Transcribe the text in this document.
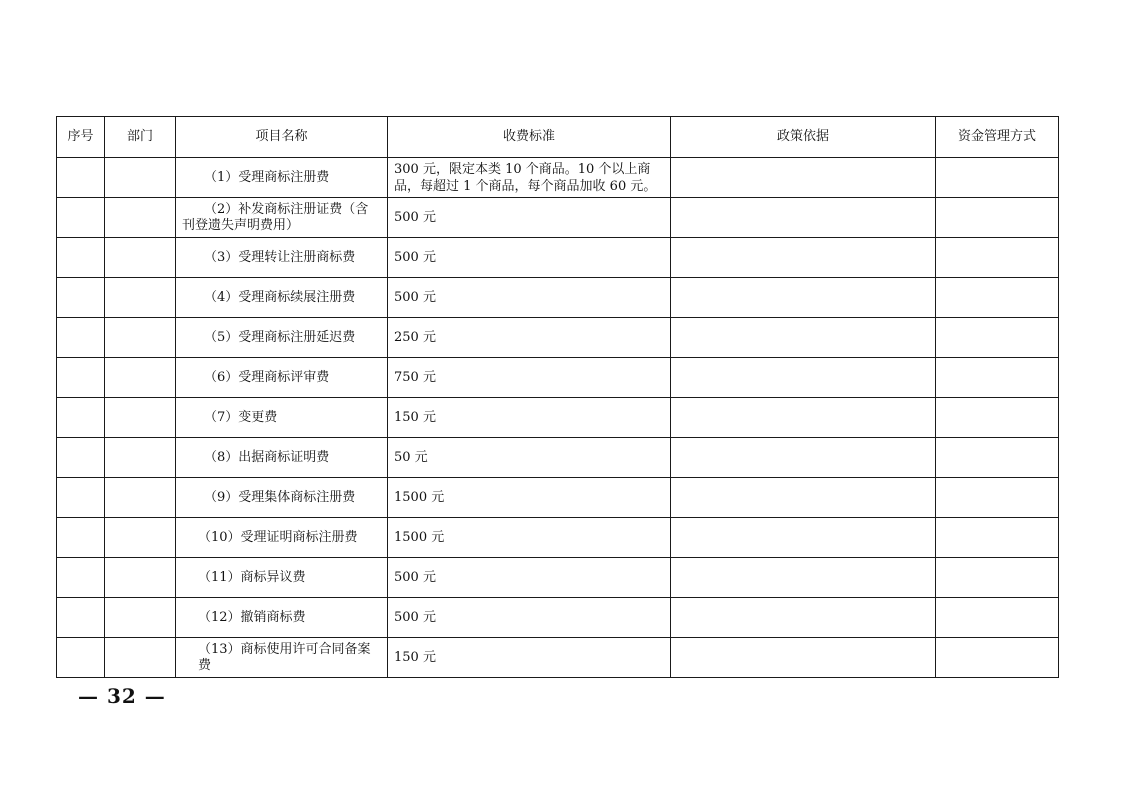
序号	部门	项目名称	收费标准	政策依据	资金管理方式
		（1）受理商标注册费	300 元，限定本类 10 个商品。10 个以上商品，每超过 1 个商品，每个商品加收 60 元。		
		（2）补发商标注册证费（含刊登遗失声明费用）	500 元		
		（3）受理转让注册商标费	500 元		
		（4）受理商标续展注册费	500 元		
		（5）受理商标注册延迟费	250 元		
		（6）受理商标评审费	750 元		
		（7）变更费	150 元		
		（8）出据商标证明费	50 元		
		（9）受理集体商标注册费	1500 元		
		（10）受理证明商标注册费	1500 元		
		（11）商标异议费	500 元		
		（12）撤销商标费	500 元		
		（13）商标使用许可合同备案费	150 元		
— 32 —
